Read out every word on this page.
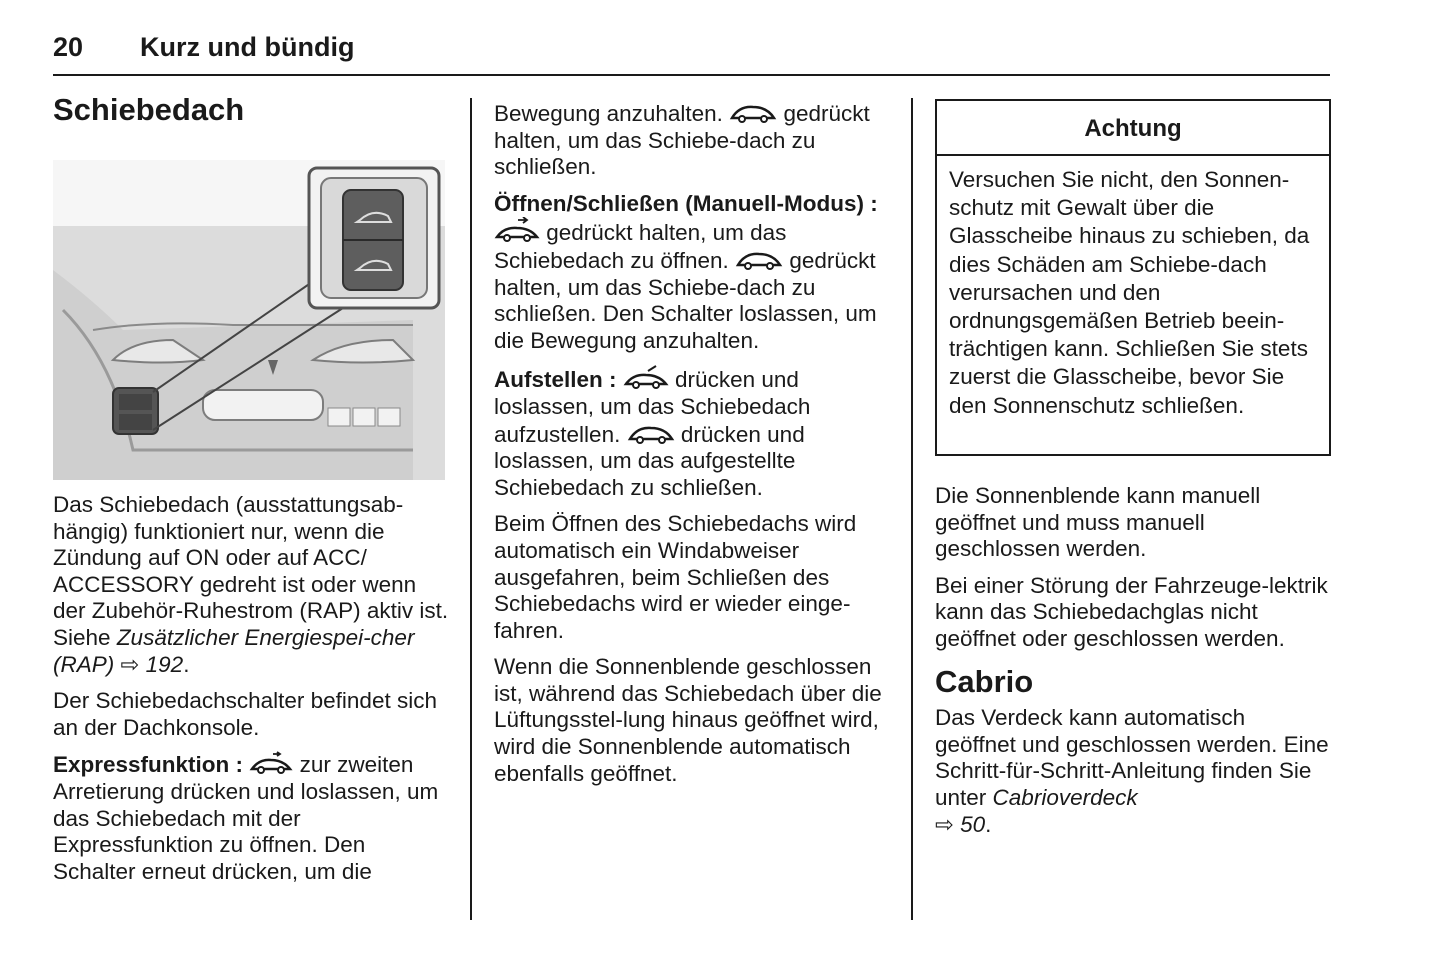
20 Kurz und bündig
Schiebedach

Das Schiebedach (ausstattungsab-hängig) funktioniert nur, wenn die Zündung auf ON oder auf ACC/ ACCESSORY gedreht ist oder wenn der Zubehör-Ruhestrom (RAP) aktiv ist. Siehe Zusätzlicher Energiespei-cher (RAP) ⇨ 192.

Der Schiebedachschalter befindet sich an der Dachkonsole.

Expressfunktion :	zur zweiten Arretierung drücken und loslassen, um das Schiebedach mit der Expressfunktion zu öffnen. Den Schalter erneut drücken, um die

Bewegung anzuhalten.	gedrückt halten, um das Schiebe-dach zu schließen.

Öffnen/Schließen (Manuell-Modus) :  gedrückt halten, um das Schiebedach zu öffnen.	gedrückt halten, um das Schiebe-dach zu schließen. Den Schalter loslassen, um die Bewegung anzuhalten.

Aufstellen :	drücken und loslassen, um das Schiebedach aufzustellen.	drücken und loslassen, um das aufgestellte Schiebedach zu schließen.

Beim Öffnen des Schiebedachs wird automatisch ein Windabweiser ausgefahren, beim Schließen des Schiebedachs wird er wieder einge-fahren.

Wenn die Sonnenblende geschlossen ist, während das Schiebedach über die Lüftungsstel-lung hinaus geöffnet wird, wird die Sonnenblende automatisch ebenfalls geöffnet.

Achtung
Versuchen Sie nicht, den Sonnen-schutz mit Gewalt über die Glasscheibe hinaus zu schieben, da dies Schäden am Schiebe-dach verursachen und den ordnungsgemäßen Betrieb beein-trächtigen kann. Schließen Sie stets zuerst die Glasscheibe, bevor Sie den Sonnenschutz schließen.

Die Sonnenblende kann manuell geöffnet und muss manuell geschlossen werden.

Bei einer Störung der Fahrzeuge-lektrik kann das Schiebedachglas nicht geöffnet oder geschlossen werden.

Cabrio

Das Verdeck kann automatisch geöffnet und geschlossen werden. Eine Schritt-für-Schritt-Anleitung finden Sie unter Cabrioverdeck
⇨ 50.
